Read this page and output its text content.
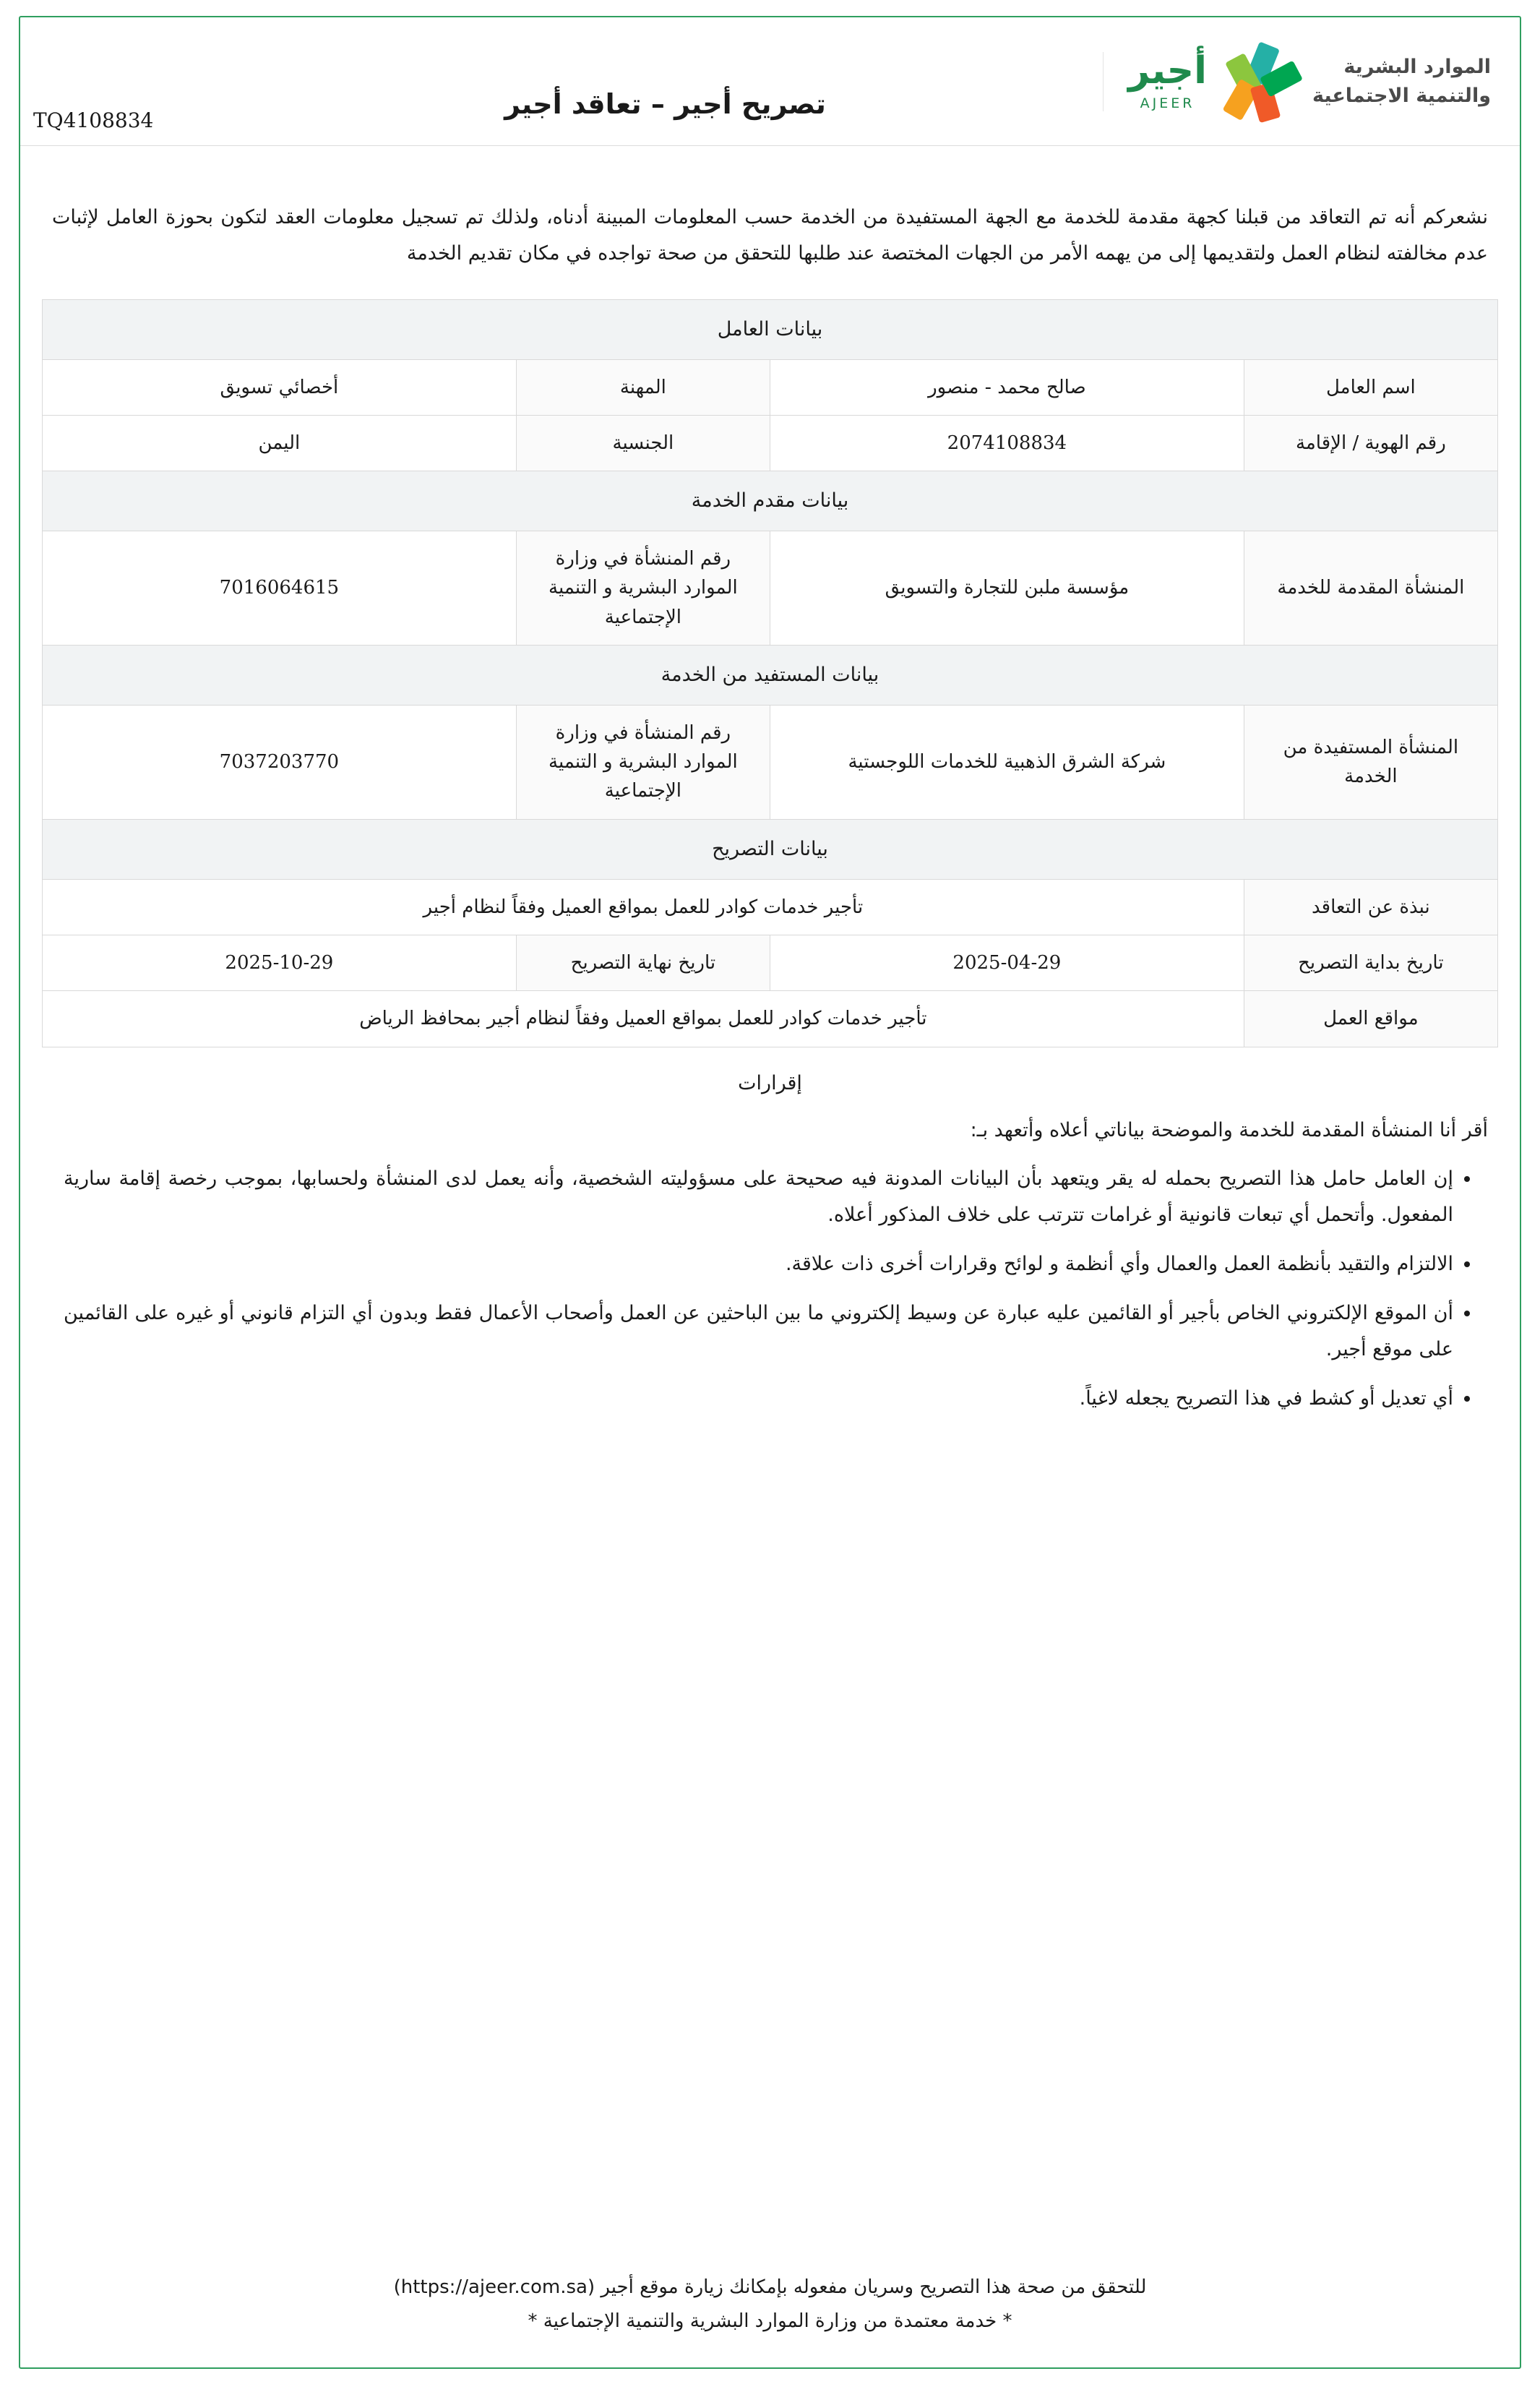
الموارد البشرية
والتنمية الاجتماعية
أجير
AJEER
تصريح أجير – تعاقد أجير
TQ4108834
نشعركم أنه تم التعاقد من قبلنا كجهة مقدمة للخدمة مع الجهة المستفيدة من الخدمة حسب المعلومات المبينة أدناه، ولذلك تم تسجيل معلومات العقد لتكون بحوزة العامل لإثبات عدم مخالفته لنظام العمل ولتقديمها إلى من يهمه الأمر من الجهات المختصة عند طلبها للتحقق من صحة تواجده في مكان تقديم الخدمة
بيانات العامل			
اسم العامل	صالح محمد - منصور	المهنة	أخصائي تسويق
رقم الهوية / الإقامة	2074108834	الجنسية	اليمن
بيانات مقدم الخدمة			
المنشأة المقدمة للخدمة	مؤسسة ملبن للتجارة والتسويق	رقم المنشأة في وزارة الموارد البشرية و التنمية الإجتماعية	7016064615
بيانات المستفيد من الخدمة			
المنشأة المستفيدة من الخدمة	شركة الشرق الذهبية للخدمات اللوجستية	رقم المنشأة في وزارة الموارد البشرية و التنمية الإجتماعية	7037203770
بيانات التصريح			
نبذة عن التعاقد	تأجير خدمات كوادر للعمل بمواقع العميل وفقاً لنظام أجير		
تاريخ بداية التصريح	2025-04-29	تاريخ نهاية التصريح	2025-10-29
مواقع العمل	تأجير خدمات كوادر للعمل بمواقع العميل وفقاً لنظام أجير بمحافظ الرياض		
إقرارات
أقر أنا المنشأة المقدمة للخدمة والموضحة بياناتي أعلاه وأتعهد بـ:
• إن العامل حامل هذا التصريح بحمله له يقر ويتعهد بأن البيانات المدونة فيه صحيحة على مسؤوليته الشخصية، وأنه يعمل لدى المنشأة ولحسابها، بموجب رخصة إقامة سارية المفعول. وأتحمل أي تبعات قانونية أو غرامات تترتب على خلاف المذكور أعلاه.
• الالتزام والتقيد بأنظمة العمل والعمال وأي أنظمة و لوائح وقرارات أخرى ذات علاقة.
• أن الموقع الإلكتروني الخاص بأجير أو القائمين عليه عبارة عن وسيط إلكتروني ما بين الباحثين عن العمل وأصحاب الأعمال فقط وبدون أي التزام قانوني أو غيره على القائمين على موقع أجير.
• أي تعديل أو كشط في هذا التصريح يجعله لاغياً.
للتحقق من صحة هذا التصريح وسريان مفعوله بإمكانك زيارة موقع أجير (https://ajeer.com.sa)
* خدمة معتمدة من وزارة الموارد البشرية والتنمية الإجتماعية *
